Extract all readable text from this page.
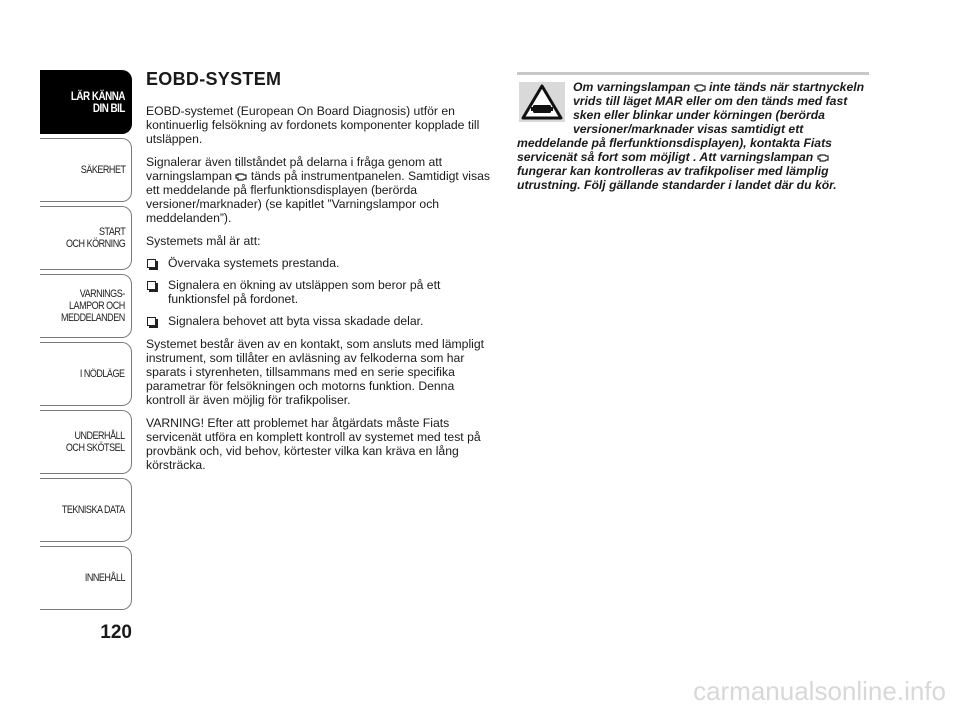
LÄR KÄNNA
DIN BIL
SÄKERHET
START
OCH KÖRNING
VARNINGS-
LAMPOR OCH
MEDDELANDEN
I NÖDLÄGE
UNDERHÅLL
OCH SKÖTSEL
TEKNISKA DATA
INNEHÅLL
120
EOBD-SYSTEM

EOBD-systemet (European On Board Diagnosis) utför en kontinuerlig felsökning av fordonets komponenter kopplade till utsläppen.

Signalerar även tillståndet på delarna i fråga genom att varningslampan tänds på instrumentpanelen. Samtidigt visas ett meddelande på flerfunktionsdisplayen (berörda versioner/marknader) (se kapitlet ”Varningslampor och meddelanden”).

Systemets mål är att:

Övervaka systemets prestanda.
Signalera en ökning av utsläppen som beror på ett funktionsfel på fordonet.
Signalera behovet att byta vissa skadade delar.

Systemet består även av en kontakt, som ansluts med lämpligt instrument, som tillåter en avläsning av felkoderna som har sparats i styrenheten, tillsammans med en serie specifika parametrar för felsökningen och motorns funktion. Denna kontroll är även möjlig för trafikpoliser.

VARNING! Efter att problemet har åtgärdats måste Fiats servicenät utföra en komplett kontroll av systemet med test på provbänk och, vid behov, körtester vilka kan kräva en lång körsträcka.

Om varningslampan inte tänds när startnyckeln vrids till läget MAR eller om den tänds med fast sken eller blinkar under körningen (berörda versioner/marknader visas samtidigt ett meddelande på flerfunktionsdisplayen), kontakta Fiats servicenät så fort som möjligt . Att varningslampan  fungerar kan kontrolleras av trafikpoliser med lämplig utrustning. Följ gällande standarder i landet där du kör.
carmanualsonline.info
